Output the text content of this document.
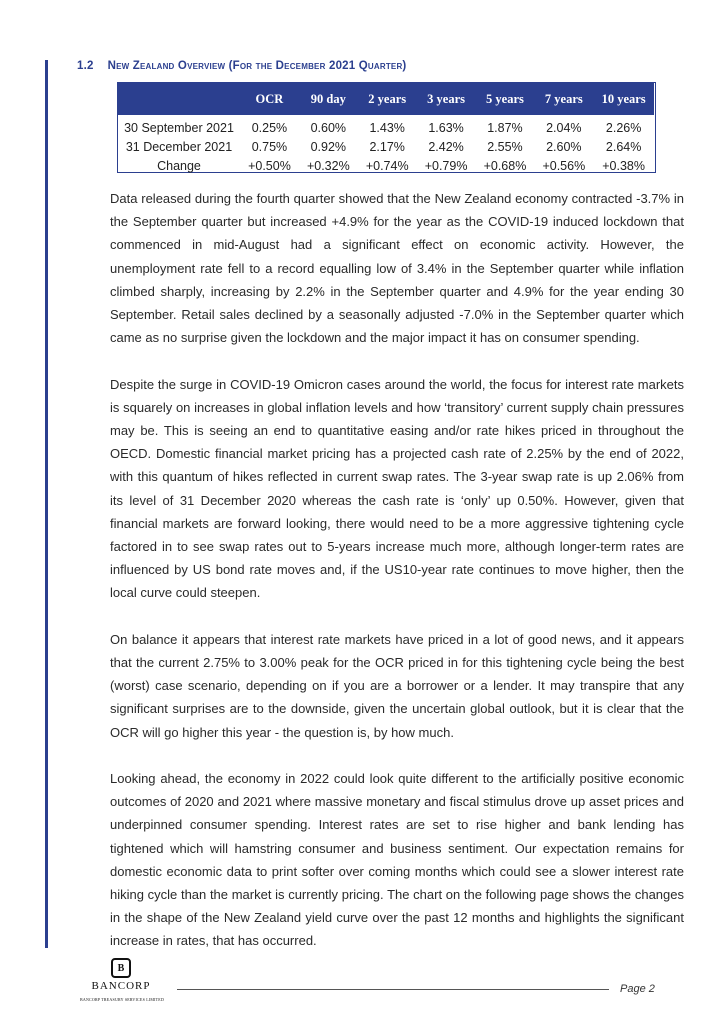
1.2 New Zealand Overview (For the December 2021 Quarter)
	OCR	90 day	2 years	3 years	5 years	7 years	10 years
30 September 2021	0.25%	0.60%	1.43%	1.63%	1.87%	2.04%	2.26%
31 December 2021	0.75%	0.92%	2.17%	2.42%	2.55%	2.60%	2.64%
Change	+0.50%	+0.32%	+0.74%	+0.79%	+0.68%	+0.56%	+0.38%

Data released during the fourth quarter showed that the New Zealand economy contracted -3.7% in the September quarter but increased +4.9% for the year as the COVID-19 induced lockdown that commenced in mid-August had a significant effect on economic activity. However, the unemployment rate fell to a record equalling low of 3.4% in the September quarter while inflation climbed sharply, increasing by 2.2% in the September quarter and 4.9% for the year ending 30 September. Retail sales declined by a seasonally adjusted -7.0% in the September quarter which came as no surprise given the lockdown and the major impact it has on consumer spending.

Despite the surge in COVID-19 Omicron cases around the world, the focus for interest rate markets is squarely on increases in global inflation levels and how ‘transitory’ current supply chain pressures may be. This is seeing an end to quantitative easing and/or rate hikes priced in throughout the OECD. Domestic financial market pricing has a projected cash rate of 2.25% by the end of 2022, with this quantum of hikes reflected in current swap rates. The 3-year swap rate is up 2.06% from its level of 31 December 2020 whereas the cash rate is ‘only’ up 0.50%. However, given that financial markets are forward looking, there would need to be a more aggressive tightening cycle factored in to see swap rates out to 5-years increase much more, although longer-term rates are influenced by US bond rate moves and, if the US10-year rate continues to move higher, then the local curve could steepen.

On balance it appears that interest rate markets have priced in a lot of good news, and it appears that the current 2.75% to 3.00% peak for the OCR priced in for this tightening cycle being the best (worst) case scenario, depending on if you are a borrower or a lender. It may transpire that any significant surprises are to the downside, given the uncertain global outlook, but it is clear that the OCR will go higher this year - the question is, by how much.

Looking ahead, the economy in 2022 could look quite different to the artificially positive economic outcomes of 2020 and 2021 where massive monetary and fiscal stimulus drove up asset prices and underpinned consumer spending. Interest rates are set to rise higher and bank lending has tightened which will hamstring consumer and business sentiment. Our expectation remains for domestic economic data to print softer over coming months which could see a slower interest rate hiking cycle than the market is currently pricing. The chart on the following page shows the changes in the shape of the New Zealand yield curve over the past 12 months and highlights the significant increase in rates, that has occurred.

B
BANCORP
BANCORP TREASURY SERVICES LIMITED
Page 2
